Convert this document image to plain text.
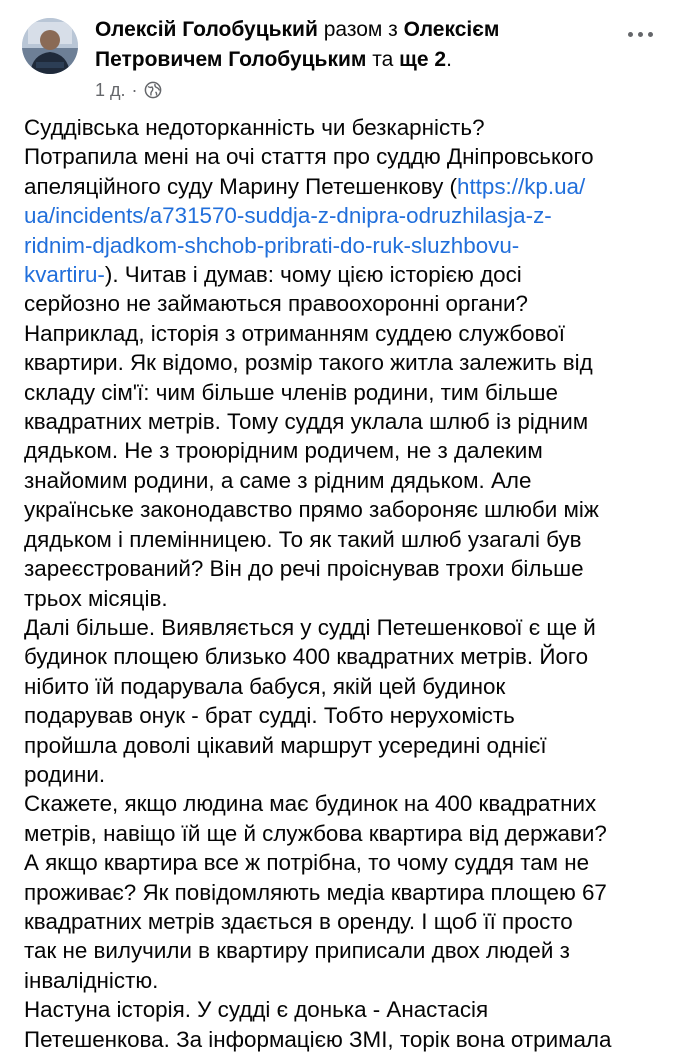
Олексій Голобуцький разом з Олексієм Петровичем Голобуцьким та ще 2.
1 д. ·

Суддівська недоторканність чи безкарність?

Потрапила мені на очі стаття про суддю Дніпровського

апеляційного суду Марину Петешенкову (https://kp.ua/

ua/incidents/a731570-suddja-z-dnipra-odruzhilasja-z-

ridnim-djadkom-shchob-pribrati-do-ruk-sluzhbovu-

kvartiru-). Читав і думав: чому цією історією досі

серйозно не займаються правоохоронні органи?

Наприклад, історія з отриманням суддею службової

квартири. Як відомо, розмір такого житла залежить від

складу сім'ї: чим більше членів родини, тим більше

квадратних метрів. Тому суддя уклала шлюб із рідним

дядьком. Не з троюрідним родичем, не з далеким

знайомим родини, а саме з рідним дядьком. Але

українське законодавство прямо забороняє шлюби між

дядьком і племінницею. То як такий шлюб узагалі був

зареєстрований? Він до речі проіснував трохи більше

трьох місяців.

Далі більше. Виявляється у судді Петешенкової є ще й

будинок площею близько 400 квадратних метрів. Його

нібито їй подарувала бабуся, якій цей будинок

подарував онук - брат судді. Тобто нерухомість

пройшла доволі цікавий маршрут усередині однієї

родини.

Скажете, якщо людина має будинок на 400 квадратних

метрів, навіщо їй ще й службова квартира від держави?

А якщо квартира все ж потрібна, то чому суддя там не

проживає? Як повідомляють медіа квартира площею 67

квадратних метрів здається в оренду. І щоб її просто

так не вилучили в квартиру приписали двох людей з

інвалідністю.

Настуна історія. У судді є донька - Анастасія

Петешенкова. За інформацією ЗМІ, торік вона отримала
